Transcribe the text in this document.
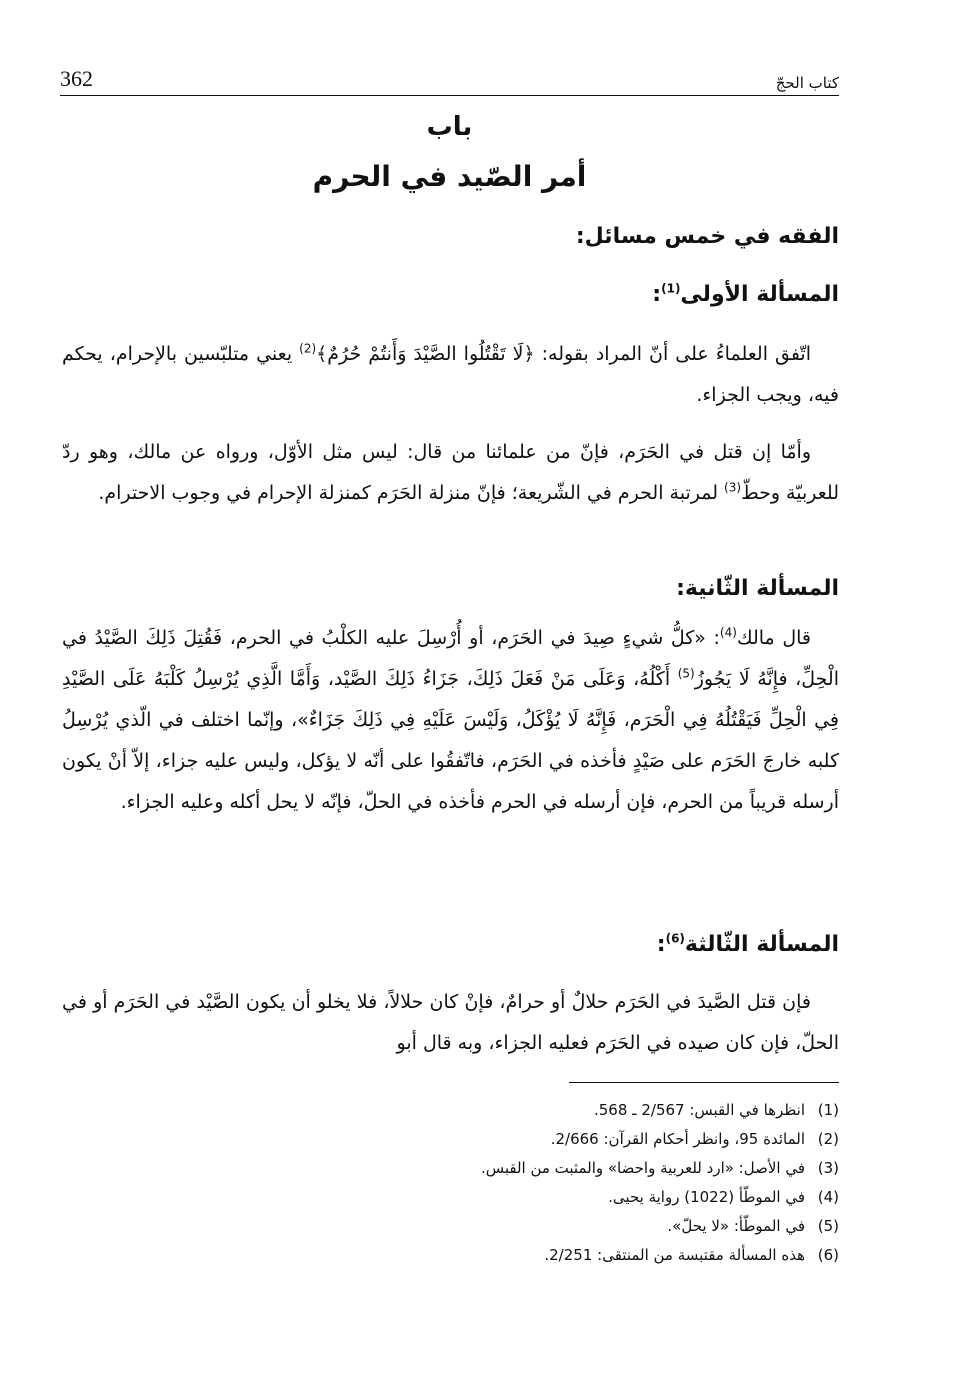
362	كتاب الحجّ
باب
أمر الصّيد في الحرم

الفقه في خمس مسائل:

المسألة الأولى$^{(1)}$:

اتّفق العلماءُ على أنّ المراد بقوله: ﴿لَا تَقْتُلُوا الصَّيْدَ وَأَنتُمْ حُرُمٌ﴾$^{(2)}$ يعني متلبّسين بالإحرام، يحكم فيه، ويجب الجزاء.

وأمّا إن قتل في الحَرَم، فإنّ من علمائنا من قال: ليس مثل الأوّل، ورواه عن مالك، وهو ردّ للعربيّة وحطّ$^{(3)}$ لمرتبة الحرم في الشّريعة؛ فإنّ منزلة الحَرَم كمنزلة الإحرام في وجوب الاحترام.

المسألة الثّانية:

قال مالك$^{(4)}$: «كلُّ شيءٍ صِيدَ في الحَرَم، أو أُرْسِلَ عليه الكلْبُ في الحرم، فَقُتِلَ ذَلِكَ الصَّيْدُ في الْحِلِّ، فإِنَّهُ لَا يَجُوزُ$^{(5)}$ أَكْلُهُ، وَعَلَى مَنْ فَعَلَ ذَلِكَ، جَزَاءُ ذَلِكَ الصَّيْد، وَأَمَّا الَّذِي يُرْسِلُ كَلْبَهُ عَلَى الصَّيْدِ فِي الْحِلِّ فَيَقْتُلُهُ فِي الْحَرَم، فَإِنَّهُ لَا يُؤْكَلُ، وَلَيْسَ عَلَيْهِ فِي ذَلِكَ جَزَاءٌ»، وإنّما اختلف في الّذي يُرْسِلُ كلبه خارجَ الحَرَم على صَيْدٍ فأخذه في الحَرَم، فاتّفقُوا على أنّه لا يؤكل، وليس عليه جزاء، إلاّ أنْ يكون أرسله قريباً من الحرم، فإن أرسله في الحرم فأخذه في الحلّ، فإنّه لا يحل أكله وعليه الجزاء.

المسألة الثّالثة$^{(6)}$:

فإن قتل الصَّيدَ في الحَرَم حلالٌ أو حرامٌ، فإنْ كان حلالاً، فلا يخلو أن يكون الصَّيْد في الحَرَم أو في الحلّ، فإن كان صيده في الحَرَم فعليه الجزاء، وبه قال أبو

(1)انظرها في القبس: 2/567 ـ 568.
(2)المائدة 95، وانظر أحكام القرآن: 2/666.
(3)في الأصل: «ارد للعربية واحضا» والمثبت من القبس.
(4)في الموطّأ (1022) رواية يحيى.
(5)في الموطّأ: «لا يحلّ».
(6)هذه المسألة مقتبسة من المنتقى: 2/251.
